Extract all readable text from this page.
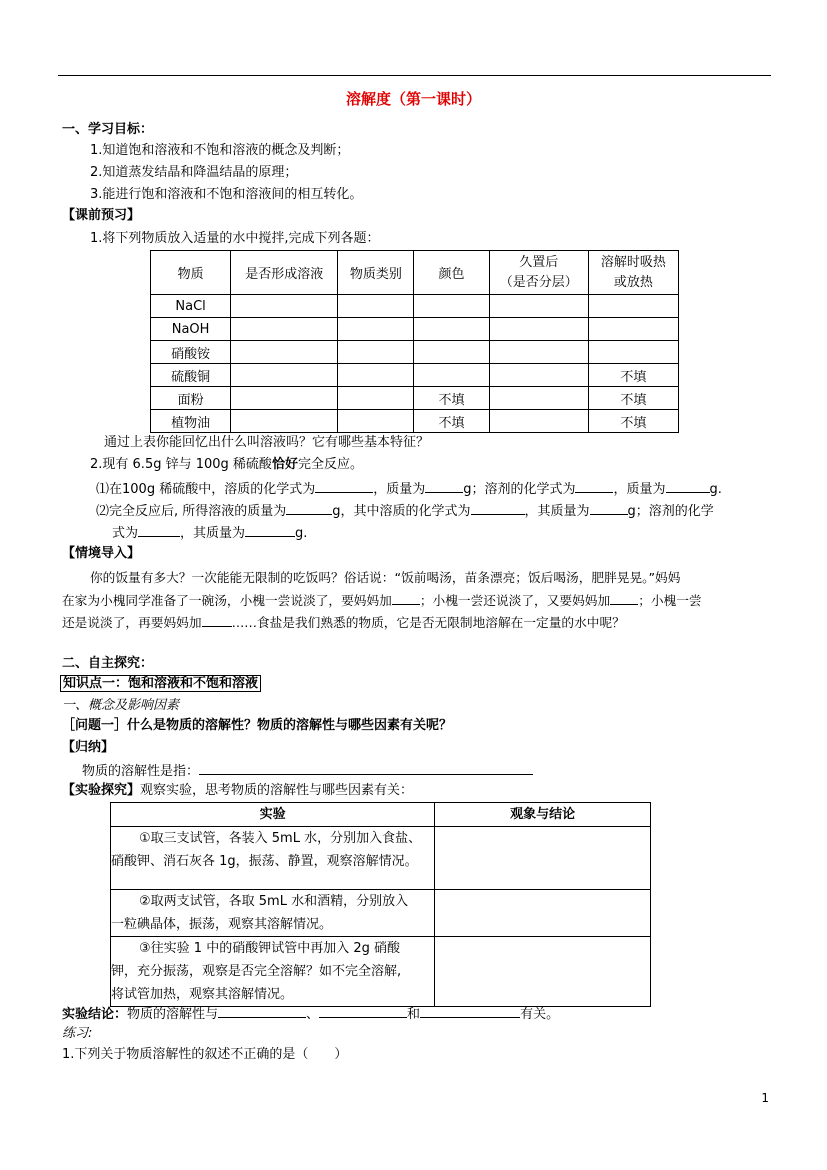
溶解度（第一课时）
一、学习目标：
1.知道饱和溶液和不饱和溶液的概念及判断；
2.知道蒸发结晶和降温结晶的原理；
3.能进行饱和溶液和不饱和溶液间的相互转化。
【课前预习】
1.将下列物质放入适量的水中搅拌,完成下列各题：
物质	是否形成溶液	物质类别	颜色	久置后
（是否分层）	溶解时吸热
或放热
NaCl					
NaOH					
硝酸铵					
硫酸铜					不填
面粉			不填		不填
植物油			不填		不填
通过上表你能回忆出什么叫溶液吗？它有哪些基本特征？
2.现有 6.5g 锌与 100g 稀硫酸恰好完全反应。
⑴在100g 稀硫酸中，溶质的化学式为	，质量为	g；溶剂的化学式为	，质量为	g.
⑵完全反应后, 所得溶液的质量为	g，其中溶质的化学式为	，其质量为	g；溶剂的化学
式为	，其质量为	g.
【情境导入】
你的饭量有多大？一次能能无限制的吃饭吗？俗话说：“饭前喝汤，苗条漂亮；饭后喝汤，肥胖晃晃。”妈妈
在家为小槐同学准备了一碗汤，小槐一尝说淡了，要妈妈加 ；小槐一尝还说淡了，又要妈妈加 ；小槐一尝
还是说淡了，再要妈妈加 ……食盐是我们熟悉的物质，它是否无限制地溶解在一定量的水中呢？
二、自主探究：
知识点一：饱和溶液和不饱和溶液
一、概念及影响因素
［问题一］什么是物质的溶解性？物质的溶解性与哪些因素有关呢？
【归纳】
物质的溶解性是指：
【实验探究】观察实验，思考物质的溶解性与哪些因素有关：
实验	观象与结论

①取三支试管，各装入 5mL 水，分别加入食盐、
硝酸钾、消石灰各 1g，振荡、静置，观察溶解情况。	

②取两支试管，各取 5mL 水和酒精，分别放入
一粒碘晶体，振荡，观察其溶解情况。	

③往实验 1 中的硝酸钾试管中再加入 2g 硝酸
钾，充分振荡，观察是否完全溶解？如不完全溶解,
将试管加热，观察其溶解情况。	

实验结论：物质的溶解性与	、	和	有关。
练习:
1.下列关于物质溶解性的叙述不正确的是（　　）
1
